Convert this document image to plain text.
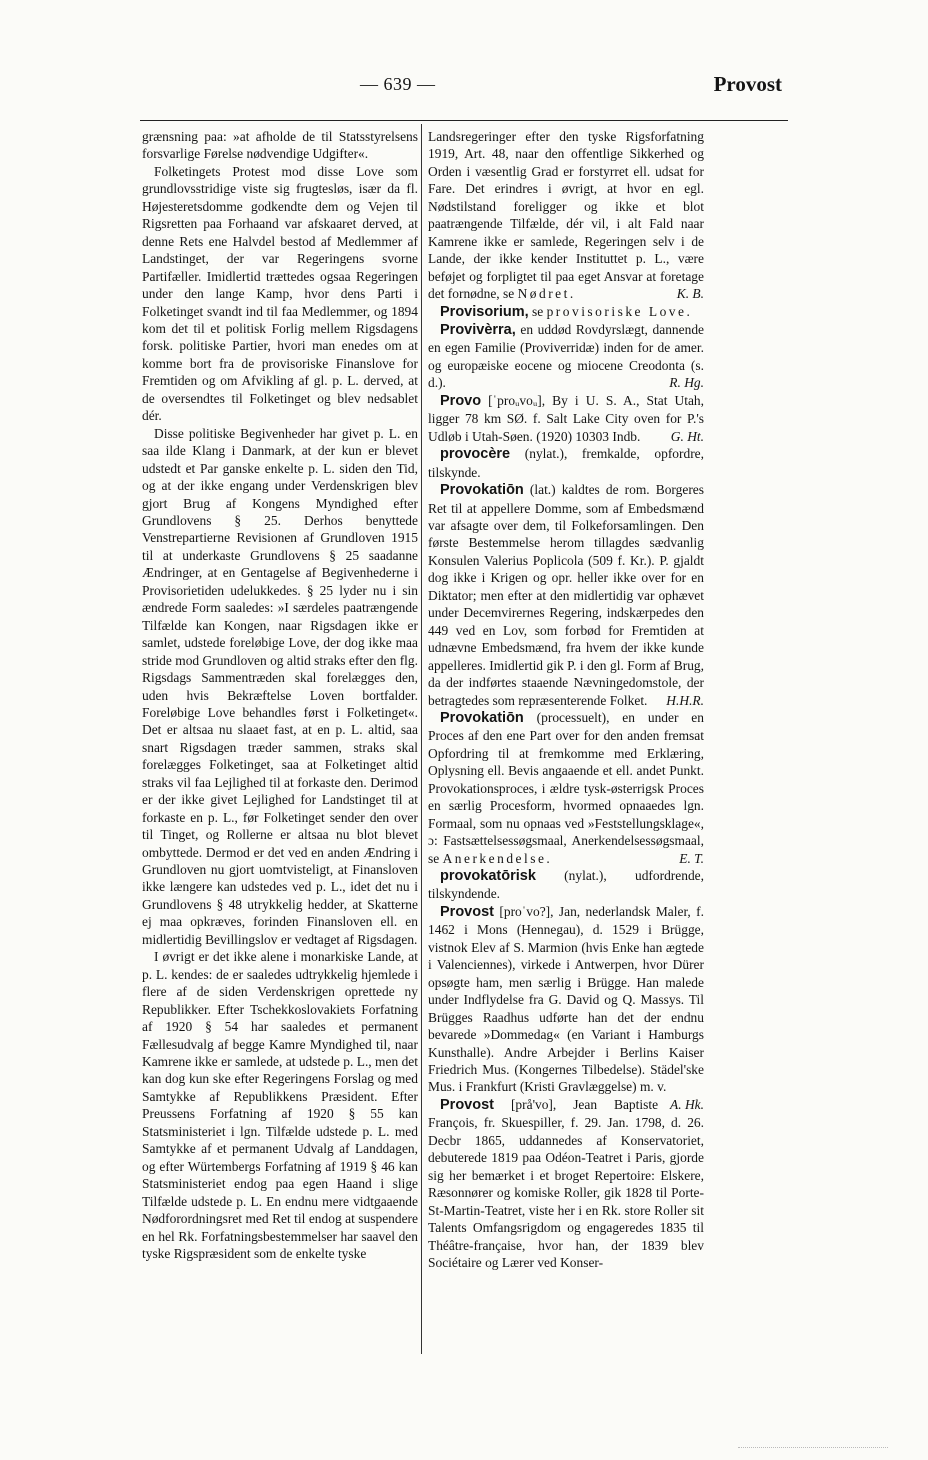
— 639 —	Provost

grænsning paa: »at afholde de til Statsstyrelsens forsvarlige Førelse nødvendige Udgifter«.

Folketingets Protest mod disse Love som grundlovsstridige viste sig frugtesløs, især da fl. Højesteretsdomme godkendte dem og Vejen til Rigsretten paa Forhaand var afskaaret derved, at denne Rets ene Halvdel bestod af Medlemmer af Landstinget, der var Regeringens svorne Partifæller. Imidlertid trættedes ogsaa Regeringen under den lange Kamp, hvor dens Parti i Folketinget svandt ind til faa Medlemmer, og 1894 kom det til et politisk Forlig mellem Rigsdagens forsk. politiske Partier, hvori man enedes om at komme bort fra de provisoriske Finanslove for Fremtiden og om Afvikling af gl. p. L. derved, at de oversendtes til Folketinget og blev nedsablet dér.

Disse politiske Begivenheder har givet p. L. en saa ilde Klang i Danmark, at der kun er blevet udstedt et Par ganske enkelte p. L. siden den Tid, og at der ikke engang under Verdenskrigen blev gjort Brug af Kongens Myndighed efter Grundlovens § 25. Derhos benyttede Venstrepartierne Revisionen af Grundloven 1915 til at underkaste Grundlovens § 25 saadanne Ændringer, at en Gentagelse af Begivenhederne i Provisorietiden udelukkedes. § 25 lyder nu i sin ændrede Form saaledes: »I særdeles paatrængende Tilfælde kan Kongen, naar Rigsdagen ikke er samlet, udstede foreløbige Love, der dog ikke maa stride mod Grundloven og altid straks efter den flg. Rigsdags Sammentræden skal forelægges den, uden hvis Bekræftelse Loven bortfalder. Foreløbige Love behandles først i Folketinget«. Det er altsaa nu slaaet fast, at en p. L. altid, saa snart Rigsdagen træder sammen, straks skal forelægges Folketinget, saa at Folketinget altid straks vil faa Lejlighed til at forkaste den. Derimod er der ikke givet Lejlighed for Landstinget til at forkaste en p. L., før Folketinget sender den over til Tinget, og Rollerne er altsaa nu blot blevet ombyttede. Dermod er det ved en anden Ændring i Grundloven nu gjort uomtvisteligt, at Finansloven ikke længere kan udstedes ved p. L., idet det nu i Grundlovens § 48 utrykkelig hedder, at Skatterne ej maa opkræves, forinden Finansloven ell. en midlertidig Bevillingslov er vedtaget af Rigsdagen.

I øvrigt er det ikke alene i monarkiske Lande, at p. L. kendes: de er saaledes udtrykkelig hjemlede i flere af de siden Verdenskrigen oprettede ny Republikker. Efter Tschekkoslovakiets Forfatning af 1920 § 54 har saaledes et permanent Fællesudvalg af begge Kamre Myndighed til, naar Kamrene ikke er samlede, at udstede p. L., men det kan dog kun ske efter Regeringens Forslag og med Samtykke af Republikkens Præsident. Efter Preussens Forfatning af 1920 § 55 kan Statsministeriet i lgn. Tilfælde udstede p. L. med Samtykke af et permanent Udvalg af Landdagen, og efter Würtembergs Forfatning af 1919 § 46 kan Statsministeriet endog paa egen Haand i slige Tilfælde udstede p. L. En endnu mere vidtgaaende Nødforordningsret med Ret til endog at suspendere en hel Rk. Forfatningsbestemmelser har saavel den tyske Rigspræsident som de enkelte tyske

Landsregeringer efter den tyske Rigsforfatning 1919, Art. 48, naar den offentlige Sikkerhed og Orden i væsentlig Grad er forstyrret ell. udsat for Fare. Det erindres i øvrigt, at hvor en egl. Nødstilstand foreligger og ikke et blot paatrængende Tilfælde, dér vil, i alt Fald naar Kamrene ikke er samlede, Regeringen selv i de Lande, der ikke kender Instituttet p. L., være beføjet og forpligtet til paa eget Ansvar at foretage det fornødne, se Nødret.	K. B.

Provisorium, se provisoriske Love.

Provivèrra, en uddød Rovdyrslægt, dannende en egen Familie (Proviverridæ) inden for de amer. og europæiske eocene og miocene Creodonta (s. d.).	R. Hg.

Provo [ˈproᵤvoᵤ], By i U. S. A., Stat Utah, ligger 78 km SØ. f. Salt Lake City oven for P.'s Udløb i Utah-Søen. (1920) 10303 Indb.	G. Ht.

provocère (nylat.), fremkalde, opfordre, tilskynde.

Provokatiōn (lat.) kaldtes de rom. Borgeres Ret til at appellere Domme, som af Embedsmænd var afsagte over dem, til Folkeforsamlingen. Den første Bestemmelse herom tillagdes sædvanlig Konsulen Valerius Poplicola (509 f. Kr.). P. gjaldt dog ikke i Krigen og opr. heller ikke over for en Diktator; men efter at den midlertidig var ophævet under Decemvirernes Regering, indskærpedes den 449 ved en Lov, som forbød for Fremtiden at udnævne Embedsmænd, fra hvem der ikke kunde appelleres. Imidlertid gik P. i den gl. Form af Brug, da der indførtes staaende Nævningedomstole, der betragtedes som repræsenterende Folket.	H.H.R.

Provokatiōn (processuelt), en under en Proces af den ene Part over for den anden fremsat Opfordring til at fremkomme med Erklæring, Oplysning ell. Bevis angaaende et ell. andet Punkt. Provokationsproces, i ældre tysk-østerrigsk Proces en særlig Procesform, hvormed opnaaedes lgn. Formaal, som nu opnaas ved »Feststellungsklage«, ɔ: Fastsættelsessøgsmaal, Anerkendelsessøgsmaal, se Anerkendelse.	E. T.

provokatōrisk (nylat.), udfordrende, tilskyndende.

Provost [proˈvo?], Jan, nederlandsk Maler, f. 1462 i Mons (Hennegau), d. 1529 i Brügge, vistnok Elev af S. Marmion (hvis Enke han ægtede i Valenciennes), virkede i Antwerpen, hvor Dürer opsøgte ham, men særlig i Brügge. Han malede under Indflydelse fra G. David og Q. Massys. Til Brügges Raadhus udførte han det der endnu bevarede »Dommedag« (en Variant i Hamburgs Kunsthalle). Andre Arbejder i Berlins Kaiser Friedrich Mus. (Kongernes Tilbedelse). Städel'ske Mus. i Frankfurt (Kristi Gravlæggelse) m. v.
A. Hk.

Provost [prå'vo], Jean Baptiste François, fr. Skuespiller, f. 29. Jan. 1798, d. 26. Decbr 1865, uddannedes af Konservatoriet, debuterede 1819 paa Odéon-Teatret i Paris, gjorde sig her bemærket i et broget Repertoire: Elskere, Ræsonnører og komiske Roller, gik 1828 til Porte-St-Martin-Teatret, viste her i en Rk. store Roller sit Talents Omfangsrigdom og engageredes 1835 til Théâtre-française, hvor han, der 1839 blev Sociétaire og Lærer ved Konser-
